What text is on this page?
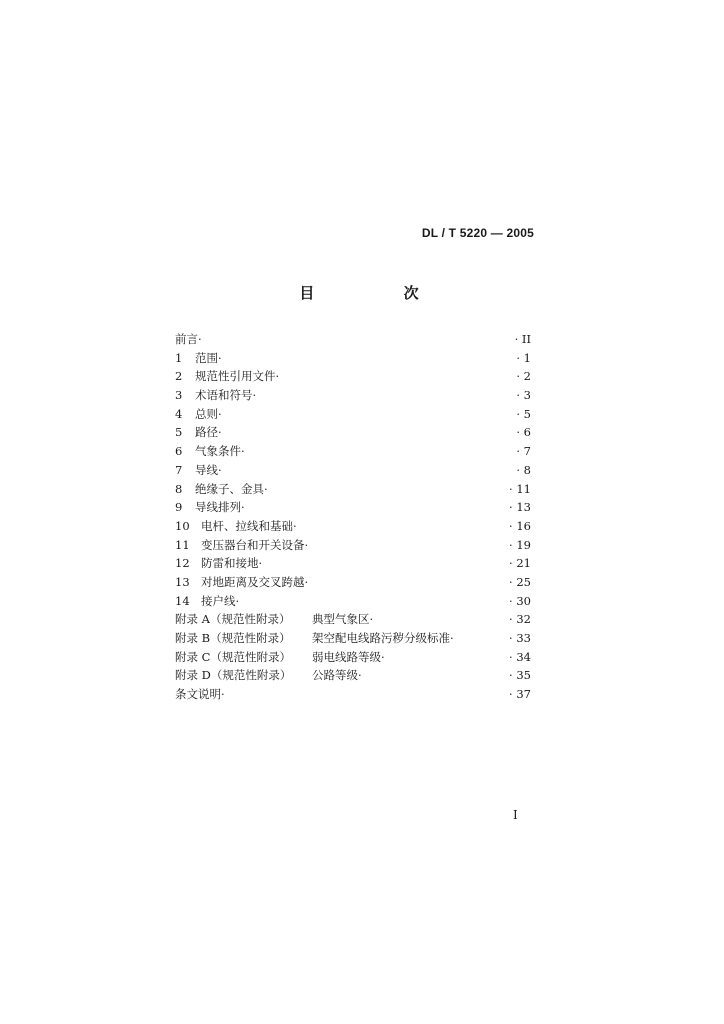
DL / T 5220 — 2005
目 次
前言·	· II
1	范围·	· 1
2	规范性引用文件·	· 2
3	术语和符号·	· 3
4	总则·	· 5
5	路径·	· 6
6	气象条件·	· 7
7	导线·	· 8
8	绝缘子、金具·	· 11
9	导线排列·	· 13
10 电杆、拉线和基础·	· 16
11 变压器台和开关设备·	· 19
12 防雷和接地·	· 21
13 对地距离及交叉跨越·	· 25
14 接户线·	· 30
附录 A（规范性附录）	典型气象区·	· 32
附录 B（规范性附录）	架空配电线路污秽分级标准·	· 33
附录 C（规范性附录）	弱电线路等级·	· 34
附录 D（规范性附录）	公路等级·	· 35
条文说明·	· 37
I
